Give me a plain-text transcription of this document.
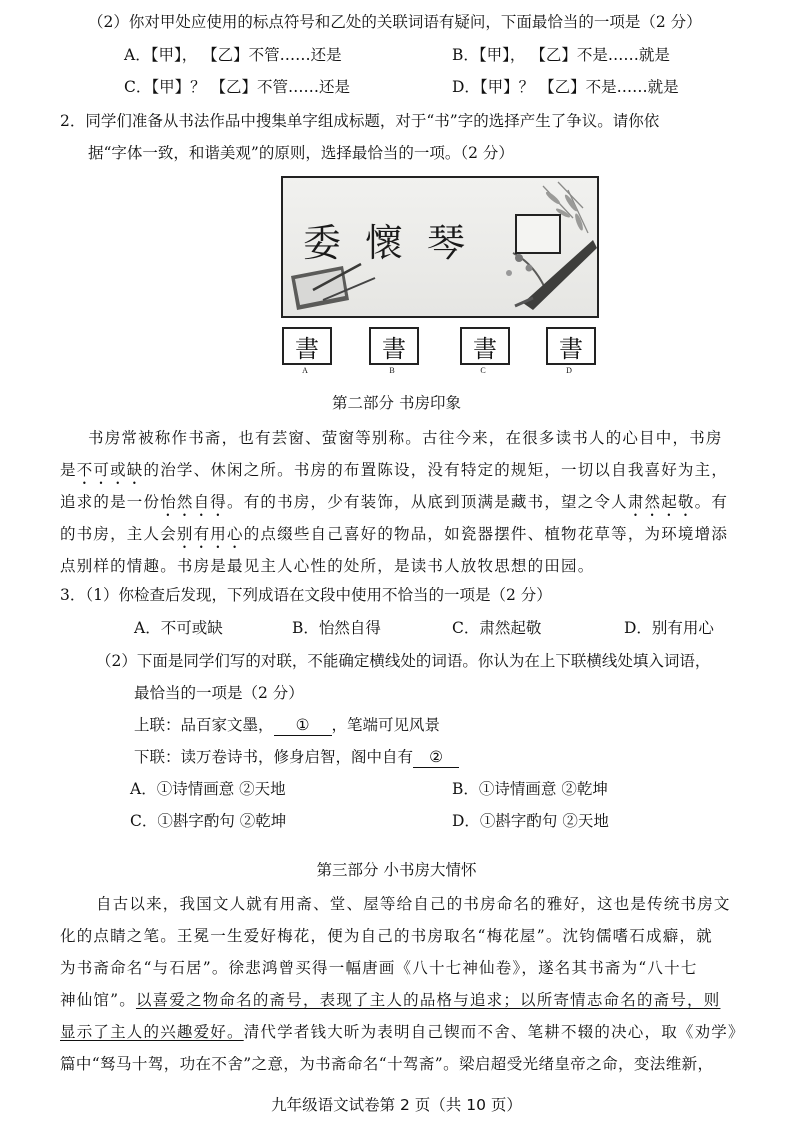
（2）你对甲处应使用的标点符号和乙处的关联词语有疑问，下面最恰当的一项是（2 分）
A．【甲】， 【乙】不管……还是	B．【甲】， 【乙】不是……就是
C．【甲】？ 【乙】不管……还是	D．【甲】？ 【乙】不是……就是
2．同学们准备从书法作品中搜集单字组成标题，对于“书”字的选择产生了争议。请你依
据“字体一致，和谐美观”的原则，选择最恰当的一项。（2 分）
委懷琴
書
A
書
B
書
C
書
D
第二部分 书房印象
书房常被称作书斋，也有芸窗、萤窗等别称。古往今来，在很多读书人的心目中，书房
是不可或缺的治学、休闲之所。书房的布置陈设，没有特定的规矩，一切以自我喜好为主，
追求的是一份怡然自得。有的书房，少有装饰，从底到顶满是藏书，望之令人肃然起敬。有
的书房，主人会别有用心的点缀些自己喜好的物品，如瓷器摆件、植物花草等，为环境增添
点别样的情趣。书房是最见主人心性的处所，是读书人放牧思想的田园。
3．（1）你检查后发现，下列成语在文段中使用不恰当的一项是（2 分）
A．不可或缺	B．怡然自得	C．肃然起敬	D．别有用心
（2）下面是同学们写的对联，不能确定横线处的词语。你认为在上下联横线处填入词语，
最恰当的一项是（2 分）
上联：品百家文墨， ① ，笔端可见风景
下联：读万卷诗书，修身启智，阁中自有 ②
A．①诗情画意 ②天地	B．①诗情画意 ②乾坤
C．①斟字酌句 ②乾坤	D．①斟字酌句 ②天地
第三部分 小书房大情怀
自古以来，我国文人就有用斋、堂、屋等给自己的书房命名的雅好，这也是传统书房文
化的点睛之笔。王冕一生爱好梅花，便为自己的书房取名“梅花屋”。沈钧儒嗜石成癖，就
为书斋命名“与石居”。徐悲鸿曾买得一幅唐画《八十七神仙卷》，遂名其书斋为“八十七
神仙馆”。以喜爱之物命名的斋号，表现了主人的品格与追求；以所寄情志命名的斋号，则
显示了主人的兴趣爱好。清代学者钱大昕为表明自己锲而不舍、笔耕不辍的决心，取《劝学》
篇中“驽马十驾，功在不舍”之意，为书斋命名“十驾斋”。梁启超受光绪皇帝之命，变法维新，
九年级语文试卷第 2 页（共 10 页）
